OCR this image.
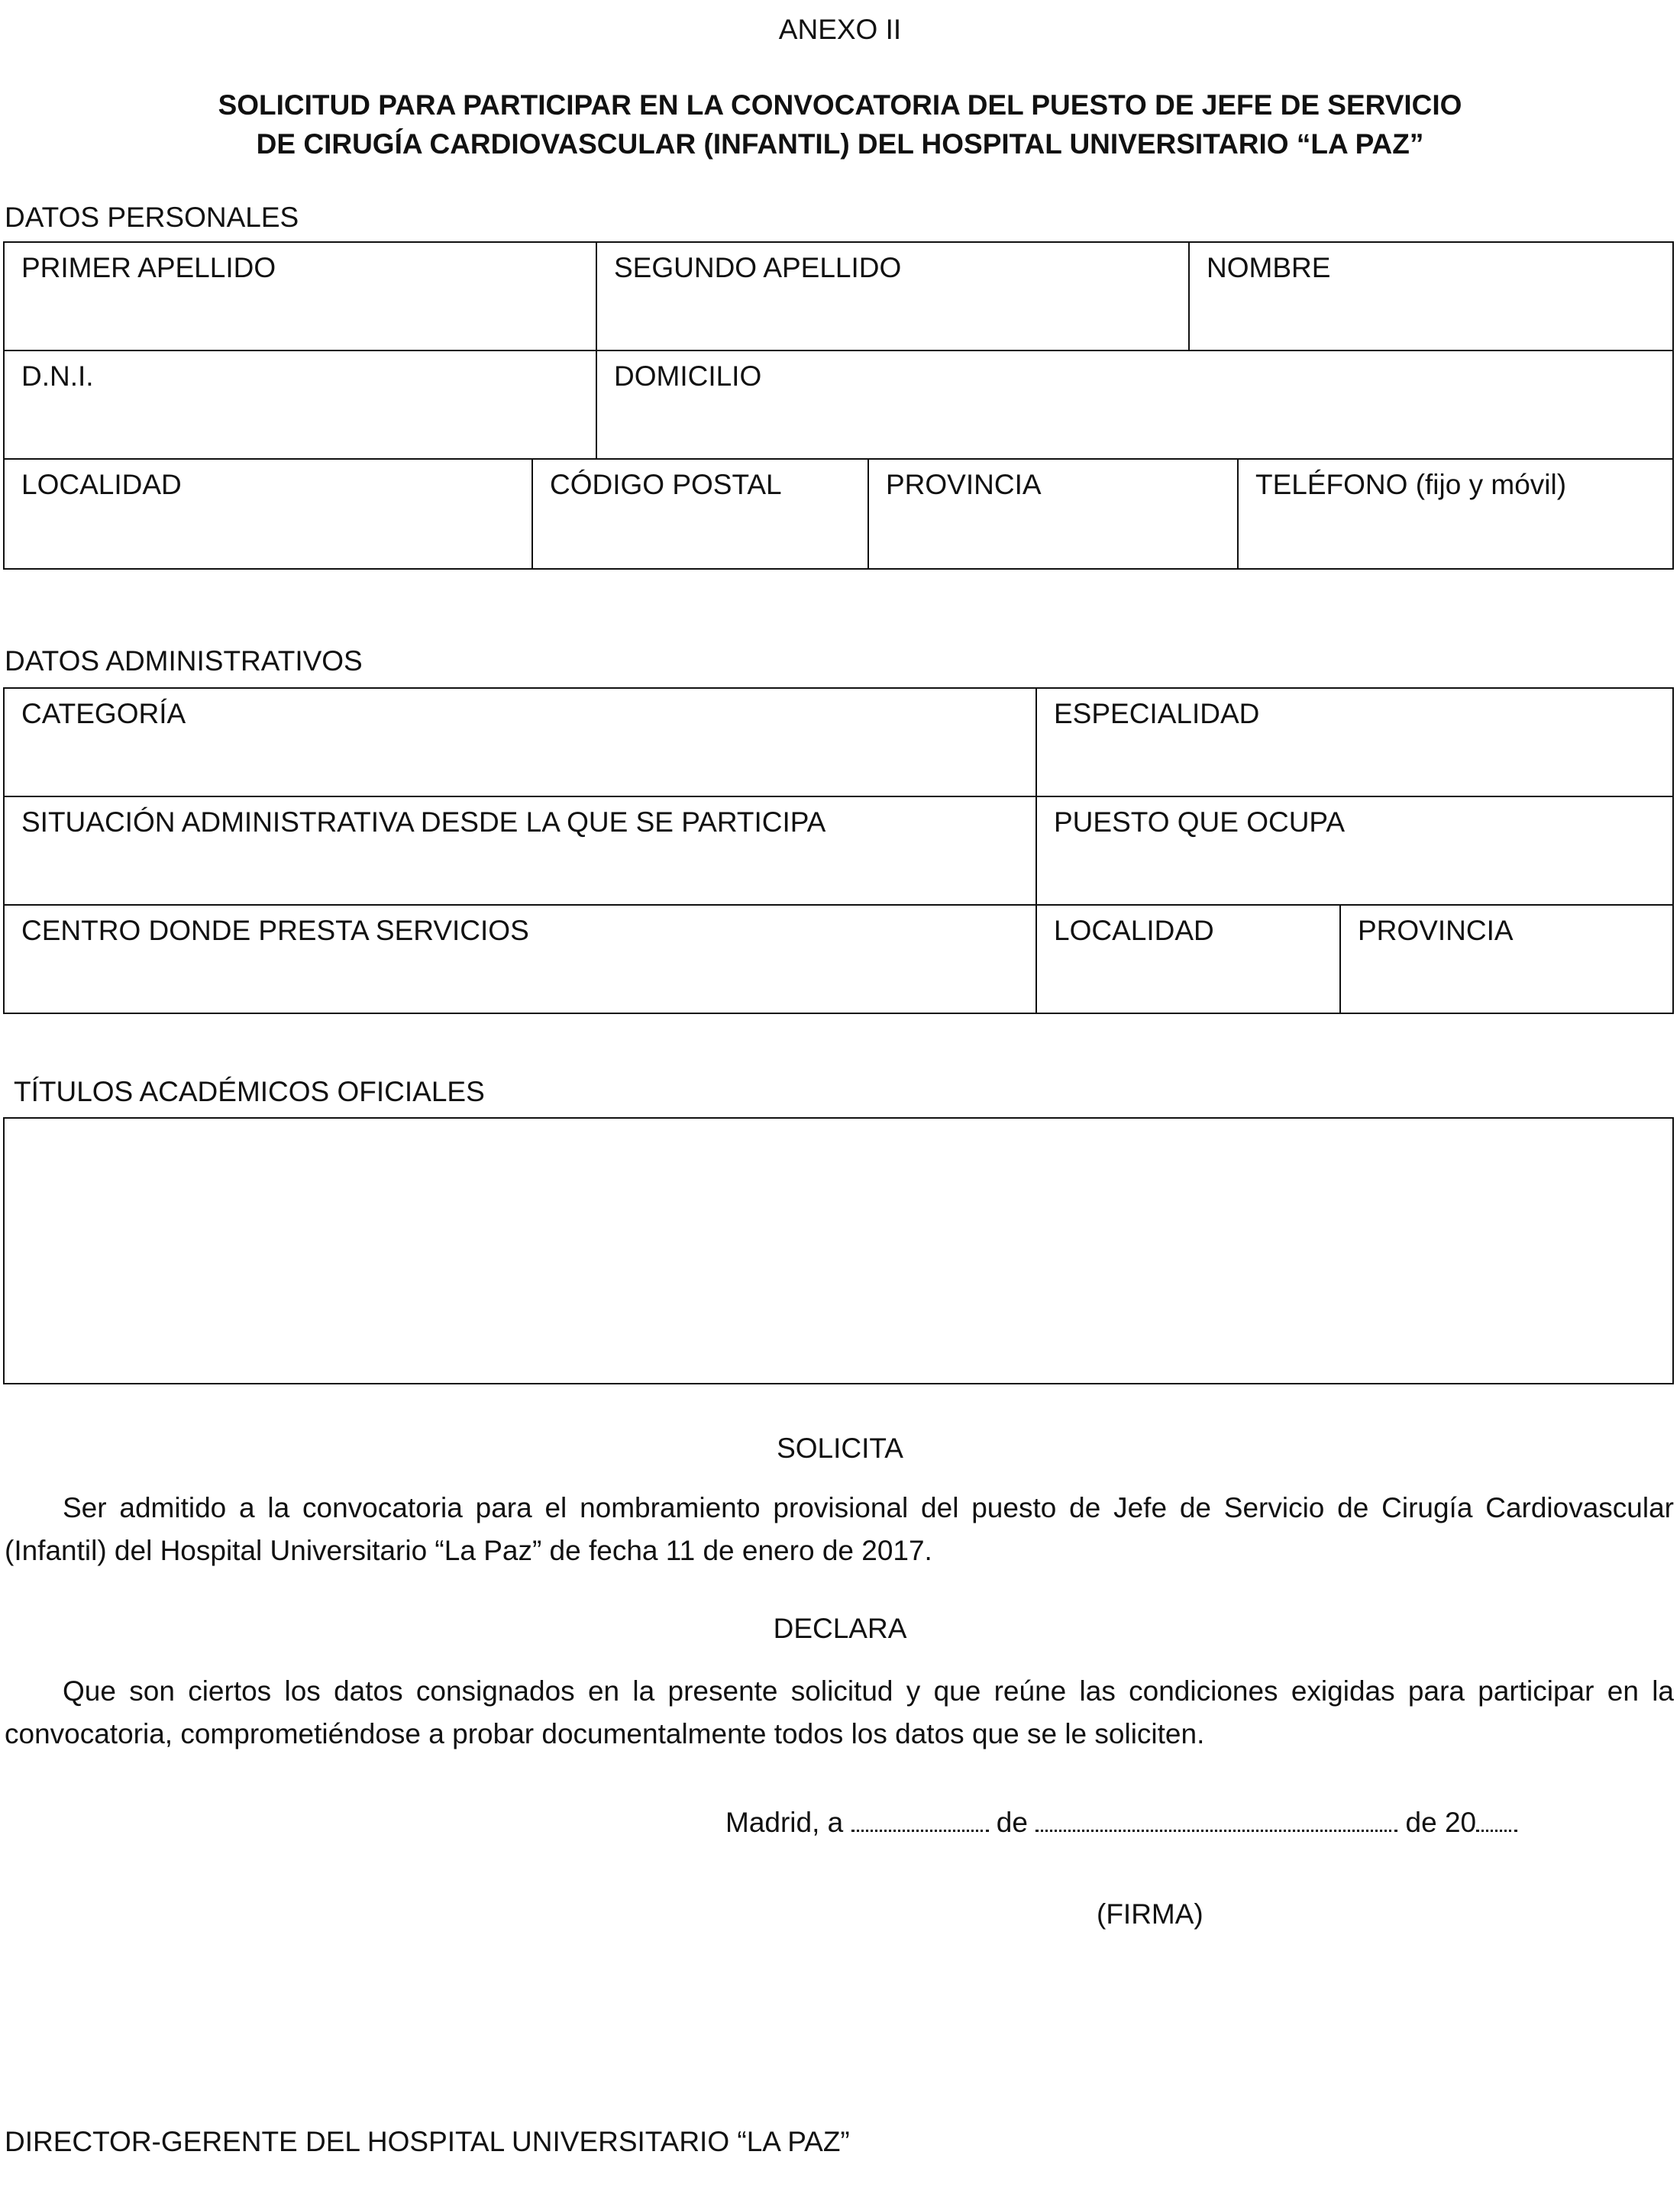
ANEXO II
SOLICITUD PARA PARTICIPAR EN LA CONVOCATORIA DEL PUESTO DE JEFE DE SERVICIO
DE CIRUGÍA CARDIOVASCULAR (INFANTIL) DEL HOSPITAL UNIVERSITARIO “LA PAZ”
DATOS PERSONALES
PRIMER APELLIDO	SEGUNDO APELLIDO	NOMBRE
D.N.I.	DOMICILIO
LOCALIDAD	CÓDIGO POSTAL	PROVINCIA	TELÉFONO (fijo y móvil)
DATOS ADMINISTRATIVOS
CATEGORÍA	ESPECIALIDAD
SITUACIÓN ADMINISTRATIVA DESDE LA QUE SE PARTICIPA	PUESTO QUE OCUPA
CENTRO DONDE PRESTA SERVICIOS	LOCALIDAD	PROVINCIA
TÍTULOS ACADÉMICOS OFICIALES
SOLICITA
Ser admitido a la convocatoria para el nombramiento provisional del puesto de Jefe de Servicio de Cirugía Cardiovascular (Infantil) del Hospital Universitario “La Paz” de fecha 11 de enero de 2017.
DECLARA
Que son ciertos los datos consignados en la presente solicitud y que reúne las condiciones exigidas para participar en la convocatoria, comprometiéndose a probar documentalmente todos los datos que se le soliciten.
Madrid, a	de	de 20
(FIRMA)
DIRECTOR-GERENTE DEL HOSPITAL UNIVERSITARIO “LA PAZ”
